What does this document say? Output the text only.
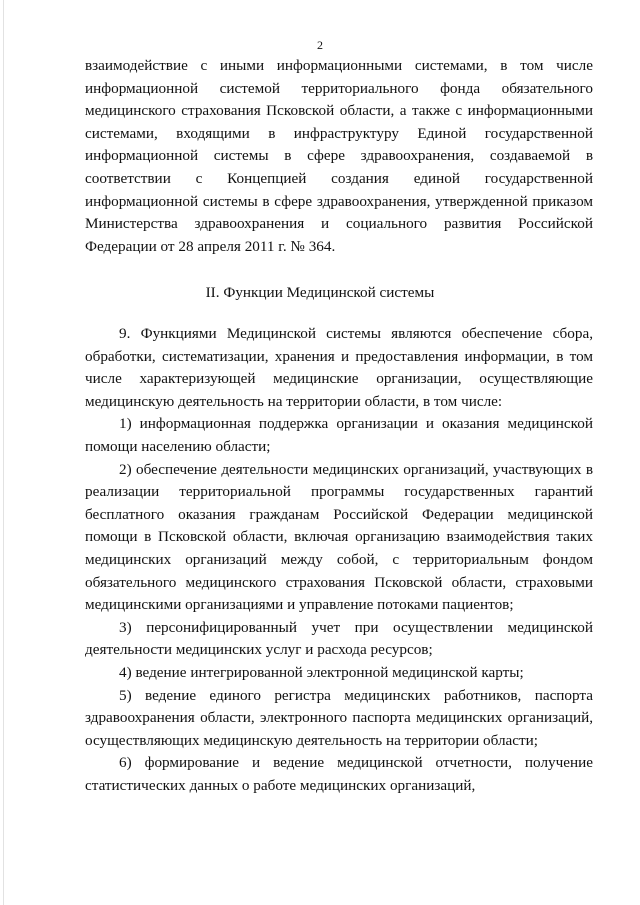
2

взаимодействие с иными информационными системами, в том числе информационной системой территориального фонда обязательного медицинского страхования Псковской области, а также с информационными системами, входящими в инфраструктуру Единой государственной информационной системы в сфере здравоохранения, создаваемой в соответствии с Концепцией создания единой государственной информационной системы в сфере здравоохранения, утвержденной приказом Министерства здравоохранения и социального развития Российской Федерации от 28 апреля 2011 г. № 364.

II. Функции Медицинской системы

9. Функциями Медицинской системы являются обеспечение сбора, обработки, систематизации, хранения и предоставления информации, в том числе характеризующей медицинские организации, осуществляющие медицинскую деятельность на территории области, в том числе:

1) информационная поддержка организации и оказания медицинской помощи населению области;

2) обеспечение деятельности медицинских организаций, участвующих в реализации территориальной программы государственных гарантий бесплатного оказания гражданам Российской Федерации медицинской помощи в Псковской области, включая организацию взаимодействия таких медицинских организаций между собой, с территориальным фондом обязательного медицинского страхования Псковской области, страховыми медицинскими организациями и управление потоками пациентов;

3) персонифицированный учет при осуществлении медицинской деятельности медицинских услуг и расхода ресурсов;

4) ведение интегрированной электронной медицинской карты;

5) ведение единого регистра медицинских работников, паспорта здравоохранения области, электронного паспорта медицинских организаций, осуществляющих медицинскую деятельность на территории области;

6) формирование и ведение медицинской отчетности, получение статистических данных о работе медицинских организаций,
